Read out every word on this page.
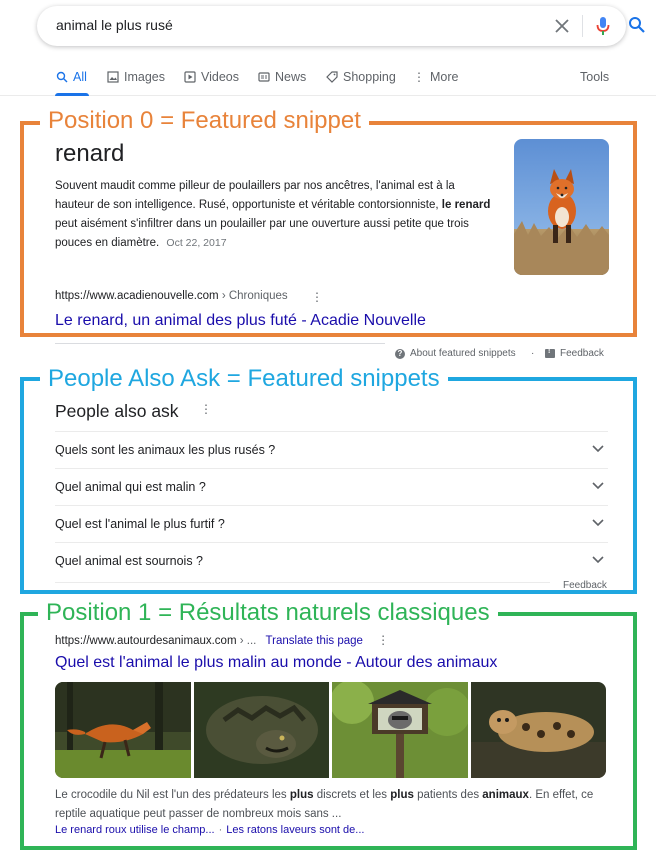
animal le plus rusé
All	Images	Videos	News	Shopping ⋮ More	Tools
Position 0 = Featured snippet
People Also Ask = Featured snippets
Position 1 = Résultats naturels classiques
renard
Souvent maudit comme pilleur de poulaillers par nos ancêtres, l'animal est à la hauteur de son intelligence. Rusé, opportuniste et véritable contorsionniste, le renard peut aisément s'infiltrer dans un poulailler par une ouverture aussi petite que trois pouces en diamètre. Oct 22, 2017
https://www.acadienouvelle.com › Chroniques ⋮
Le renard, un animal des plus futé - Acadie Nouvelle
? About featured snippets ·
!	Feedback
People also ask ⋮
Quels sont les animaux les plus rusés ?
Quel animal qui est malin ?
Quel est l'animal le plus furtif ?
Quel animal est sournois ?
Feedback
https://www.autourdesanimaux.com › ... Translate this page ⋮
Quel est l'animal le plus malin au monde - Autour des animaux
Le crocodile du Nil est l'un des prédateurs les plus discrets et les plus patients des animaux. En effet, ce reptile aquatique peut passer de nombreux mois sans ...
Le renard roux utilise le champ... · Les ratons laveurs sont de...
